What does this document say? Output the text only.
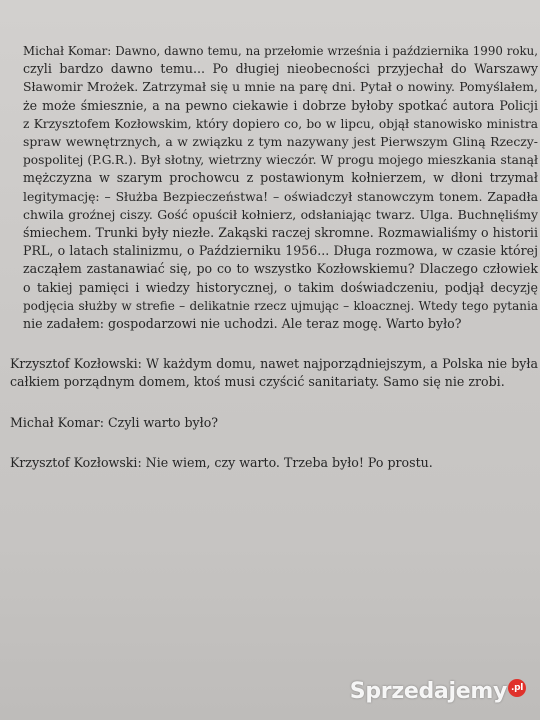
Michał Komar: Dawno, dawno temu, na przełomie września i października 1990 roku,
czyli bardzo dawno temu... Po długiej nieobecności przyjechał do Warszawy
Sławomir Mrożek. Zatrzymał się u mnie na parę dni. Pytał o nowiny. Pomyślałem,
że może śmiesznie, a na pewno ciekawie i dobrze byłoby spotkać autora Policji
z Krzysztofem Kozłowskim, który dopiero co, bo w lipcu, objął stanowisko ministra
spraw wewnętrznych, a w związku z tym nazywany jest Pierwszym Gliną Rzeczy-
pospolitej (P.G.R.). Był słotny, wietrzny wieczór. W progu mojego mieszkania stanął
mężczyzna w szarym prochowcu z postawionym kołnierzem, w dłoni trzymał
legitymację: – Służba Bezpieczeństwa! – oświadczył stanowczym tonem. Zapadła
chwila groźnej ciszy. Gość opuścił kołnierz, odsłaniając twarz. Ulga. Buchnęliśmy
śmiechem. Trunki były niezłe. Zakąski raczej skromne. Rozmawialiśmy o historii
PRL, o latach stalinizmu, o Październiku 1956... Długa rozmowa, w czasie której
zacząłem zastanawiać się, po co to wszystko Kozłowskiemu? Dlaczego człowiek
o takiej pamięci i wiedzy historycznej, o takim doświadczeniu, podjął decyzję
podjęcia służby w strefie – delikatnie rzecz ujmując – kloacznej. Wtedy tego pytania
nie zadałem: gospodarzowi nie uchodzi. Ale teraz mogę. Warto było?

Krzysztof Kozłowski: W każdym domu, nawet najporządniejszym, a Polska nie była
całkiem porządnym domem, ktoś musi czyścić sanitariaty. Samo się nie zrobi.

Michał Komar: Czyli warto było?

Krzysztof Kozłowski: Nie wiem, czy warto. Trzeba było! Po prostu.

Sprzedajemy .pl
